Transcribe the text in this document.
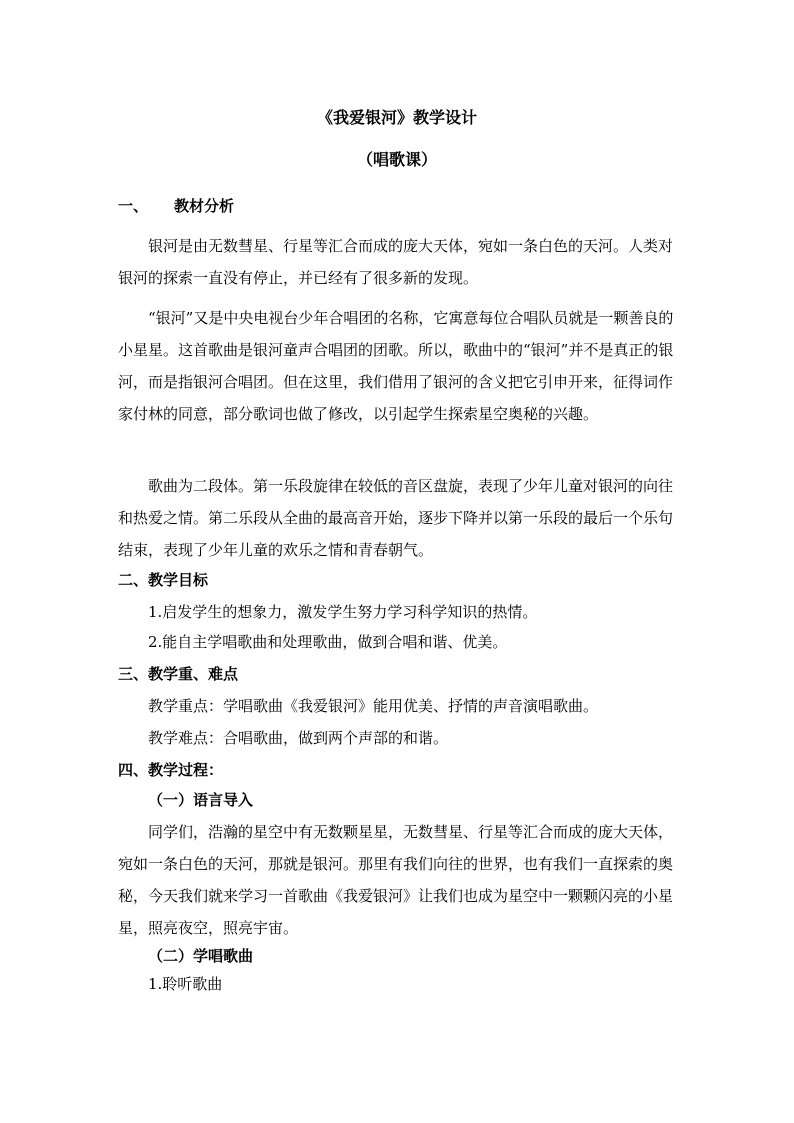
《我爱银河》教学设计
（唱歌课）
一、 教材分析
银河是由无数彗星、行星等汇合而成的庞大天体，宛如一条白色的天河。人类对银河的探索一直没有停止，并已经有了很多新的发现。
“银河”又是中央电视台少年合唱团的名称，它寓意每位合唱队员就是一颗善良的小星星。这首歌曲是银河童声合唱团的团歌。所以，歌曲中的“银河”并不是真正的银河，而是指银河合唱团。但在这里，我们借用了银河的含义把它引申开来，征得词作家付林的同意，部分歌词也做了修改，以引起学生探索星空奥秘的兴趣。
歌曲为二段体。第一乐段旋律在较低的音区盘旋，表现了少年儿童对银河的向往和热爱之情。第二乐段从全曲的最高音开始，逐步下降并以第一乐段的最后一个乐句结束，表现了少年儿童的欢乐之情和青春朝气。
二、教学目标
1.启发学生的想象力，激发学生努力学习科学知识的热情。
2.能自主学唱歌曲和处理歌曲，做到合唱和谐、优美。
三、教学重、难点
教学重点：学唱歌曲《我爱银河》能用优美、抒情的声音演唱歌曲。
教学难点：合唱歌曲，做到两个声部的和谐。
四、教学过程：
（一）语言导入
同学们，浩瀚的星空中有无数颗星星，无数彗星、行星等汇合而成的庞大天体，宛如一条白色的天河，那就是银河。那里有我们向往的世界，也有我们一直探索的奥秘，今天我们就来学习一首歌曲《我爱银河》让我们也成为星空中一颗颗闪亮的小星星，照亮夜空，照亮宇宙。
（二）学唱歌曲
1.聆听歌曲
